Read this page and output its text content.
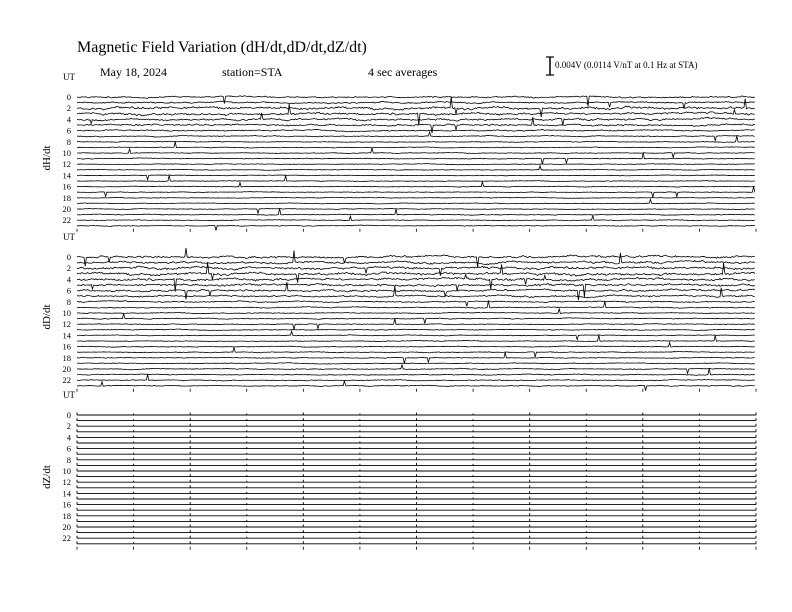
Magnetic Field Variation (dH/dt,dD/dt,dZ/dt)
May 18, 2024	station=STA	4 sec averages	0.004V (0.0114 V/nT at 0.1 Hz at STA)
UT
dH/dt
0
2
4
6
8
10
12
14
16
18
20
22
UT
dD/dt
0
2
4
6
8
10
12
14
16
18
20
22
UT
dZ/dt
0
2
4
6
8
10
12
14
16
18
20
22
